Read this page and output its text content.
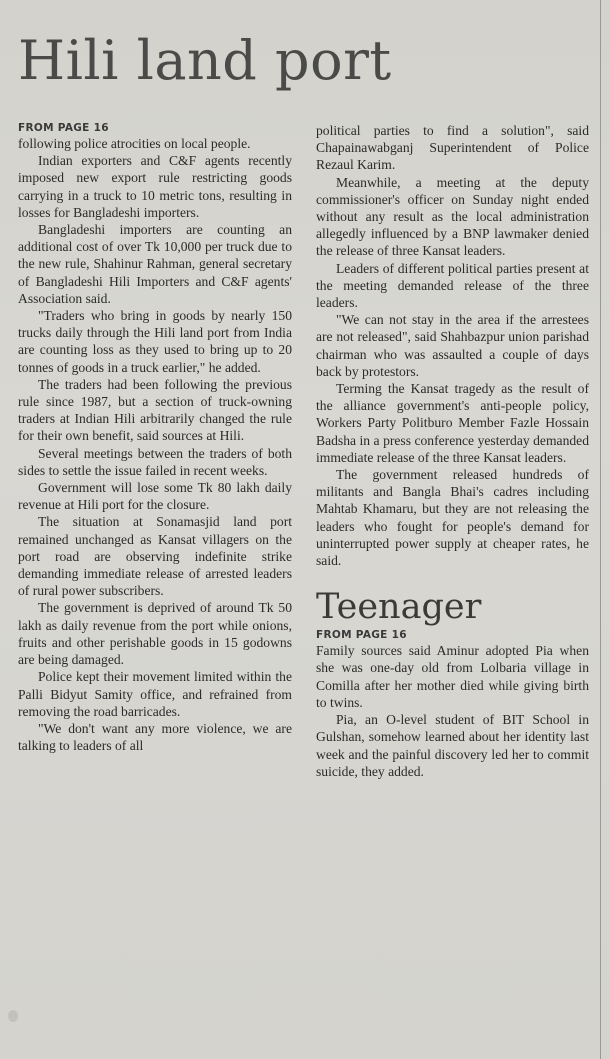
Hili land port
FROM PAGE 16

following police atrocities on local people.

Indian exporters and C&F agents recently imposed new export rule restricting goods carrying in a truck to 10 metric tons, resulting in losses for Bangladeshi importers.

Bangladeshi importers are counting an additional cost of over Tk 10,000 per truck due to the new rule, Shahinur Rahman, general secretary of Bangladeshi Hili Importers and C&F agents' Association said.

"Traders who bring in goods by nearly 150 trucks daily through the Hili land port from India are counting loss as they used to bring up to 20 tonnes of goods in a truck earlier," he added.

The traders had been following the previous rule since 1987, but a section of truck-owning traders at Indian Hili arbitrarily changed the rule for their own benefit, said sources at Hili.

Several meetings between the traders of both sides to settle the issue failed in recent weeks.

Government will lose some Tk 80 lakh daily revenue at Hili port for the closure.

The situation at Sonamasjid land port remained unchanged as Kansat villagers on the port road are observing indefinite strike demanding immediate release of arrested leaders of rural power subscribers.

The government is deprived of around Tk 50 lakh as daily revenue from the port while onions, fruits and other perishable goods in 15 godowns are being damaged.

Police kept their movement limited within the Palli Bidyut Samity office, and refrained from removing the road barricades.

"We don't want any more violence, we are talking to leaders of all

political parties to find a solution", said Chapainawabganj Superintendent of Police Rezaul Karim.

Meanwhile, a meeting at the deputy commissioner's officer on Sunday night ended without any result as the local administration allegedly influenced by a BNP lawmaker denied the release of three Kansat leaders.

Leaders of different political parties present at the meeting demanded release of the three leaders.

"We can not stay in the area if the arrestees are not released", said Shahbazpur union parishad chairman who was assaulted a couple of days back by protestors.

Terming the Kansat tragedy as the result of the alliance government's anti-people policy, Workers Party Politburo Member Fazle Hossain Badsha in a press conference yesterday demanded immediate release of the three Kansat leaders.

The government released hundreds of militants and Bangla Bhai's cadres including Mahtab Khamaru, but they are not releasing the leaders who fought for people's demand for uninterrupted power supply at cheaper rates, he said.

Teenager
FROM PAGE 16

Family sources said Aminur adopted Pia when she was one-day old from Lolbaria village in Comilla after her mother died while giving birth to twins.

Pia, an O-level student of BIT School in Gulshan, somehow learned about her identity last week and the painful discovery led her to commit suicide, they added.
